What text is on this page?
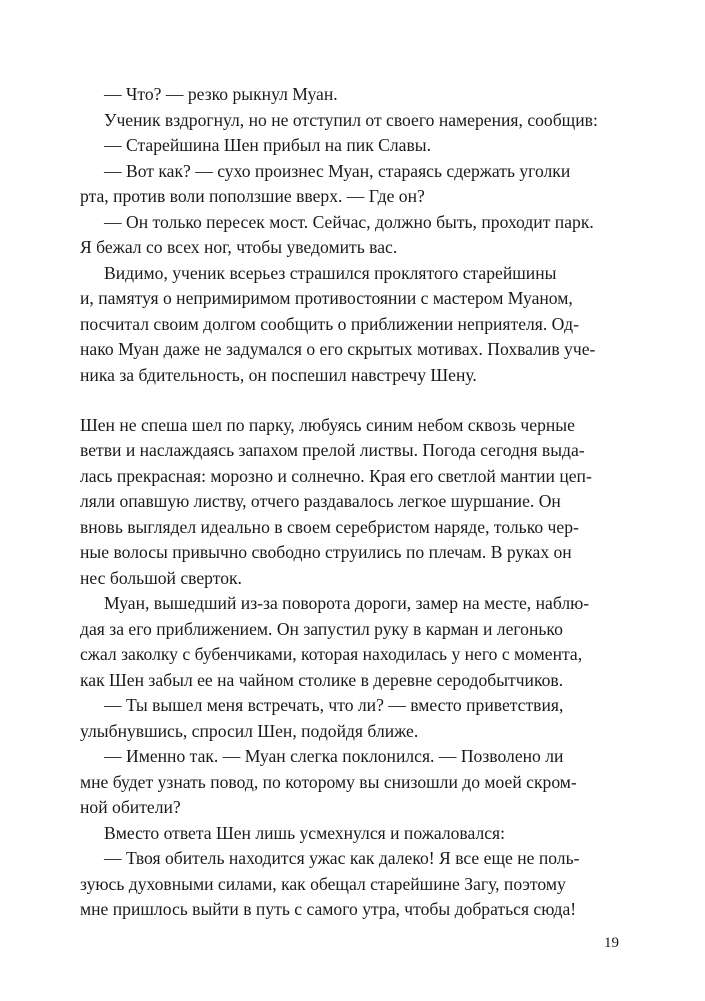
— Что? — резко рыкнул Муан.
Ученик вздрогнул, но не отступил от своего намерения, сообщив:
— Старейшина Шен прибыл на пик Славы.
— Вот как? — сухо произнес Муан, стараясь сдержать уголки
рта, против воли поползшие вверх. — Где он?
— Он только пересек мост. Сейчас, должно быть, проходит парк.
Я бежал со всех ног, чтобы уведомить вас.
Видимо, ученик всерьез страшился проклятого старейшины
и, памятуя о непримиримом противостоянии с мастером Муаном,
посчитал своим долгом сообщить о приближении неприятеля. Од-
нако Муан даже не задумался о его скрытых мотивах. Похвалив уче-
ника за бдительность, он поспешил навстречу Шену.
Шен не спеша шел по парку, любуясь синим небом сквозь черные
ветви и наслаждаясь запахом прелой листвы. Погода сегодня выда-
лась прекрасная: морозно и солнечно. Края его светлой мантии цеп-
ляли опавшую листву, отчего раздавалось легкое шуршание. Он
вновь выглядел идеально в своем серебристом наряде, только чер-
ные волосы привычно свободно струились по плечам. В руках он
нес большой сверток.
Муан, вышедший из-за поворота дороги, замер на месте, наблю-
дая за его приближением. Он запустил руку в карман и легонько
сжал заколку с бубенчиками, которая находилась у него с момента,
как Шен забыл ее на чайном столике в деревне серодобытчиков.
— Ты вышел меня встречать, что ли? — вместо приветствия,
улыбнувшись, спросил Шен, подойдя ближе.
— Именно так. — Муан слегка поклонился. — Позволено ли
мне будет узнать повод, по которому вы снизошли до моей скром-
ной обители?
Вместо ответа Шен лишь усмехнулся и пожаловался:
— Твоя обитель находится ужас как далеко! Я все еще не поль-
зуюсь духовными силами, как обещал старейшине Загу, поэтому
мне пришлось выйти в путь с самого утра, чтобы добраться сюда!
19
